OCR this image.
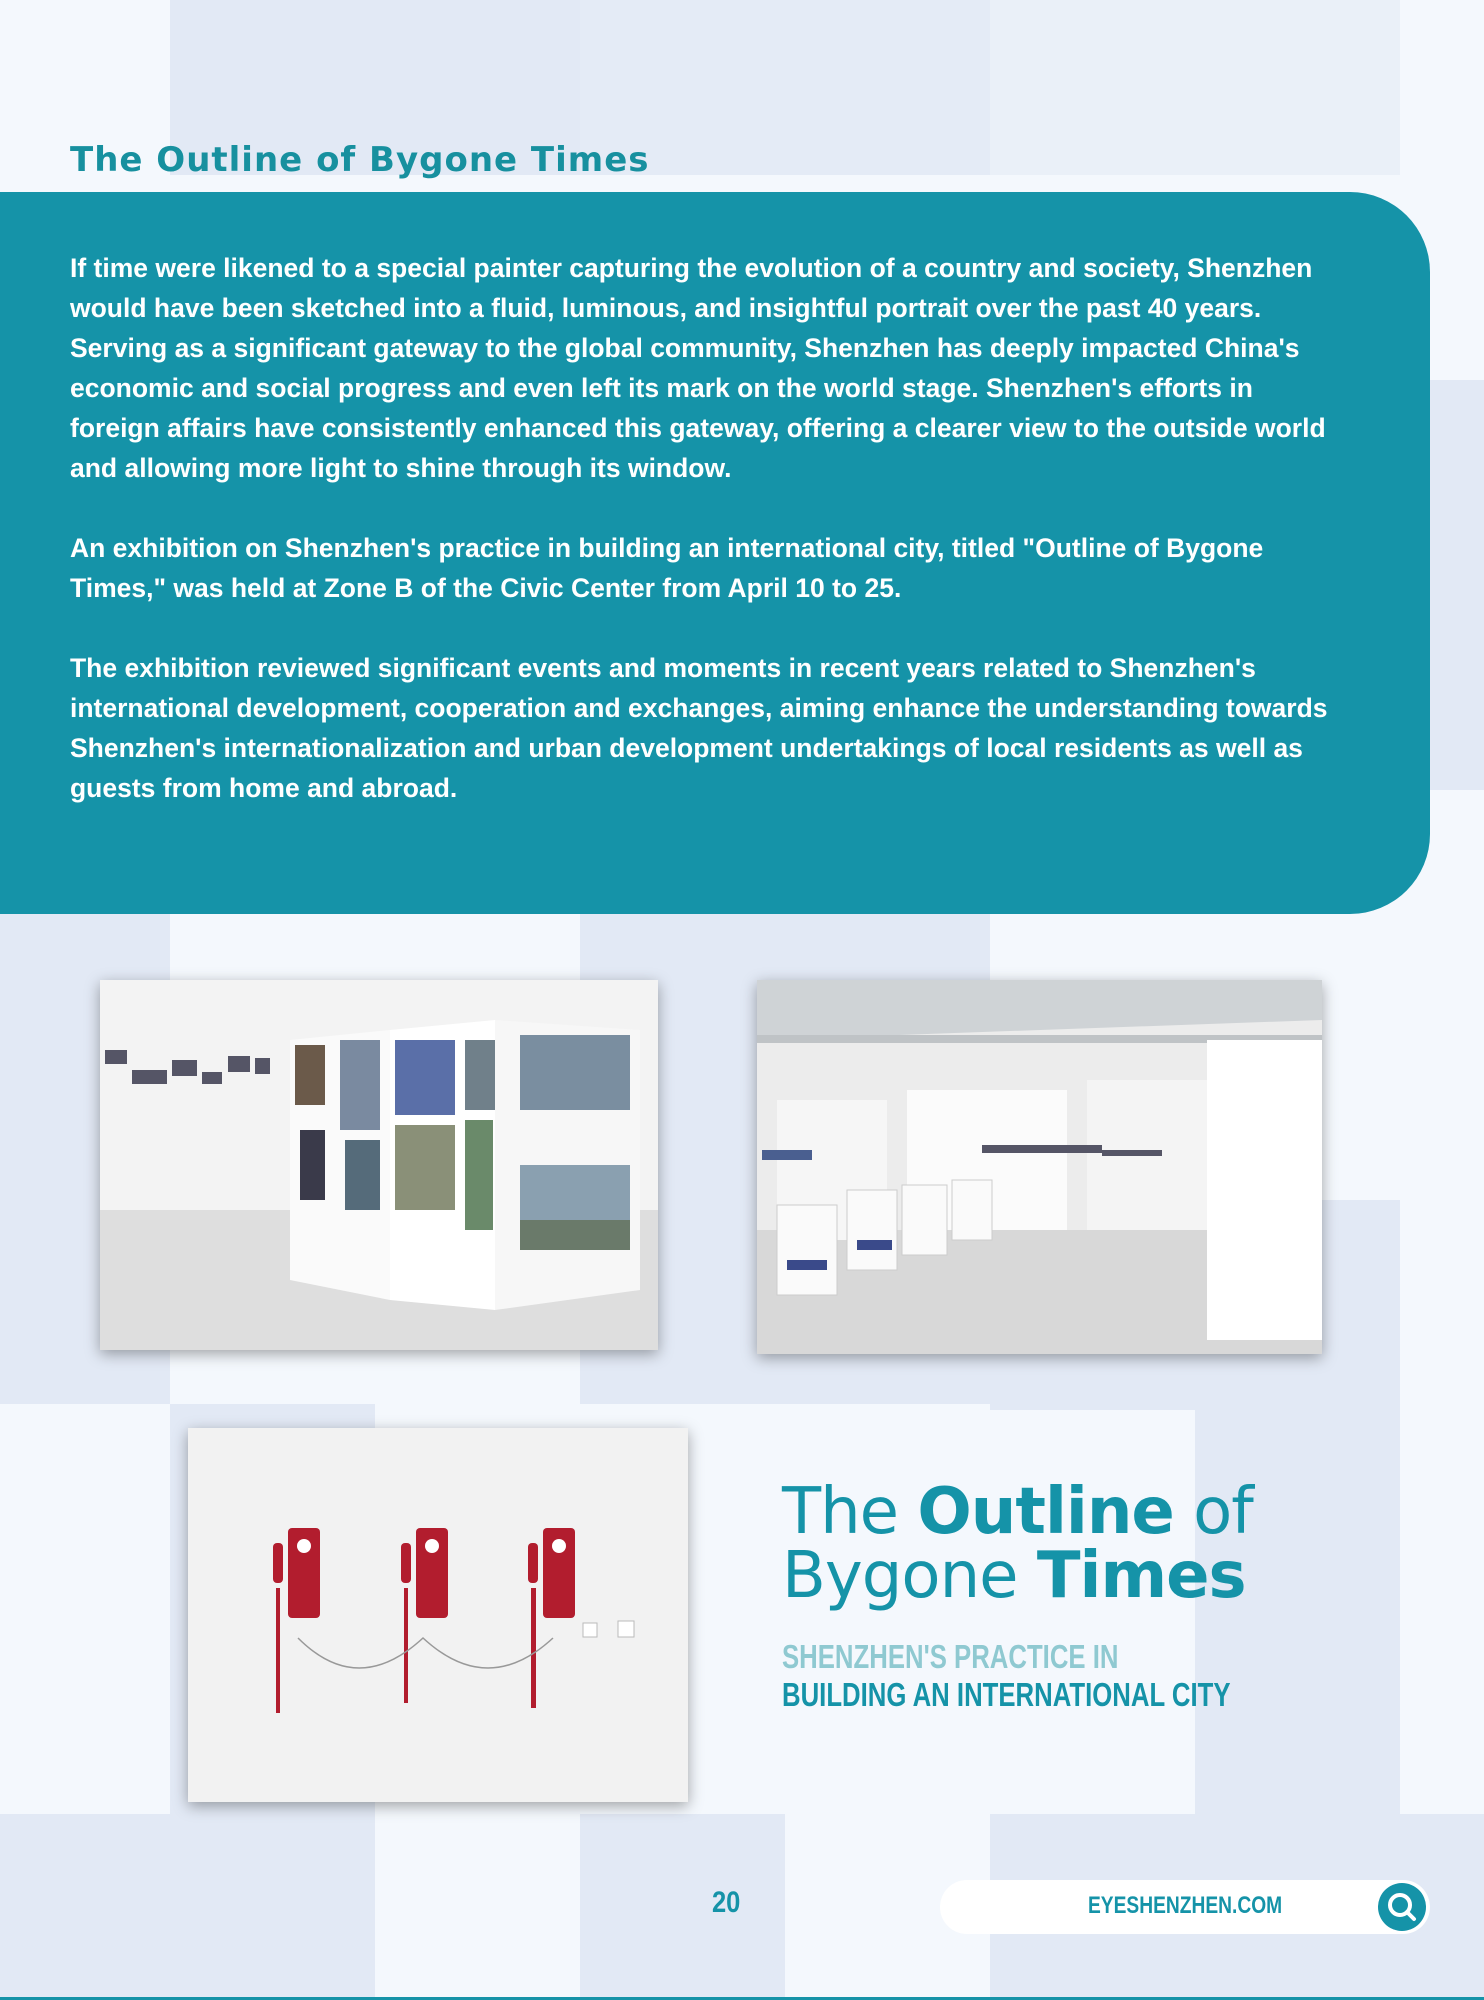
The Outline of Bygone Times

If time were likened to a special painter capturing the evolution of a country and society, Shenzhen would have been sketched into a fluid, luminous, and insightful portrait over the past 40 years. Serving as a significant gateway to the global community, Shenzhen has deeply impacted China's economic and social progress and even left its mark on the world stage. Shenzhen's efforts in foreign affairs have consistently enhanced this gateway, offering a clearer view to the outside world and allowing more light to shine through its window.

An exhibition on Shenzhen's practice in building an international city, titled "Outline of Bygone Times," was held at Zone B of the Civic Center from April 10 to 25.

The exhibition reviewed significant events and moments in recent years related to Shenzhen's international development, cooperation and exchanges, aiming enhance the understanding towards Shenzhen's internationalization and urban development undertakings of local residents as well as guests from home and abroad.

The Outline of
Bygone Times
SHENZHEN'S PRACTICE IN
BUILDING AN INTERNATIONAL CITY
20	EYESHENZHEN.COM
